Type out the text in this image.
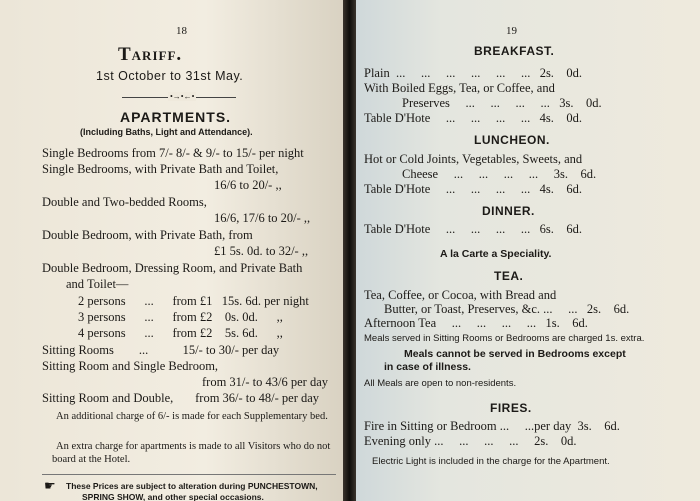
18
Tariff.
1st October to 31st May.
•→•←•
APARTMENTS.
(Including Baths, Light and Attendance).
Single Bedrooms from 7/- 8/- & 9/- to 15/- per night
Single Bedrooms, with Private Bath and Toilet,
16/6 to 20/- ,,
Double and Two-bedded Rooms,
16/6, 17/6 to 20/- ,,
Double Bedroom, with Private Bath, from
£1 5s. 0d. to 32/- ,,
Double Bedroom, Dressing Room, and Private Bath
and Toilet—
2 persons      ...      from £1   15s. 6d. per night
3 persons      ...      from £2    0s. 0d.      ,,
4 persons      ...      from £2    5s. 6d.      ,,
Sitting Rooms        ...           15/- to 30/- per day
Sitting Room and Single Bedroom,
from 31/- to 43/6 per day
Sitting Room and Double,       from 36/- to 48/- per day
An additional charge of 6/- is made for each Supplementary bed.
An extra charge for apartments is made to all Visitors who do not board at the Hotel.
☛ These Prices are subject to alteration during PUNCHESTOWN,
SPRING SHOW, and other special occasions.
19
BREAKFAST.
Plain  ...     ...     ...     ...     ...     ...   2s.    0d.
With Boiled Eggs, Tea, or Coffee, and
Preserves     ...     ...     ...     ...   3s.    0d.
Table D'Hote     ...     ...     ...     ...   4s.    0d.
LUNCHEON.
Hot or Cold Joints, Vegetables, Sweets, and
Cheese     ...     ...     ...     ...     3s.    6d.
Table D'Hote     ...     ...     ...     ...   4s.    6d.
DINNER.
Table D'Hote     ...     ...     ...     ...   6s.    6d.
A la Carte a Speciality.
TEA.
Tea, Coffee, or Cocoa, with Bread and
Butter, or Toast, Preserves, &c. ...     ...   2s.    6d.
Afternoon Tea     ...     ...     ...     ...   1s.    6d.
Meals served in Sitting Rooms or Bedrooms are charged 1s. extra.
Meals cannot be served in Bedrooms except
in case of illness.
All Meals are open to non-residents.
FIRES.
Fire in Sitting or Bedroom ...     ...per day  3s.    6d.
Evening only ...     ...     ...     ...     2s.    0d.
Electric Light is included in the charge for the Apartment.
